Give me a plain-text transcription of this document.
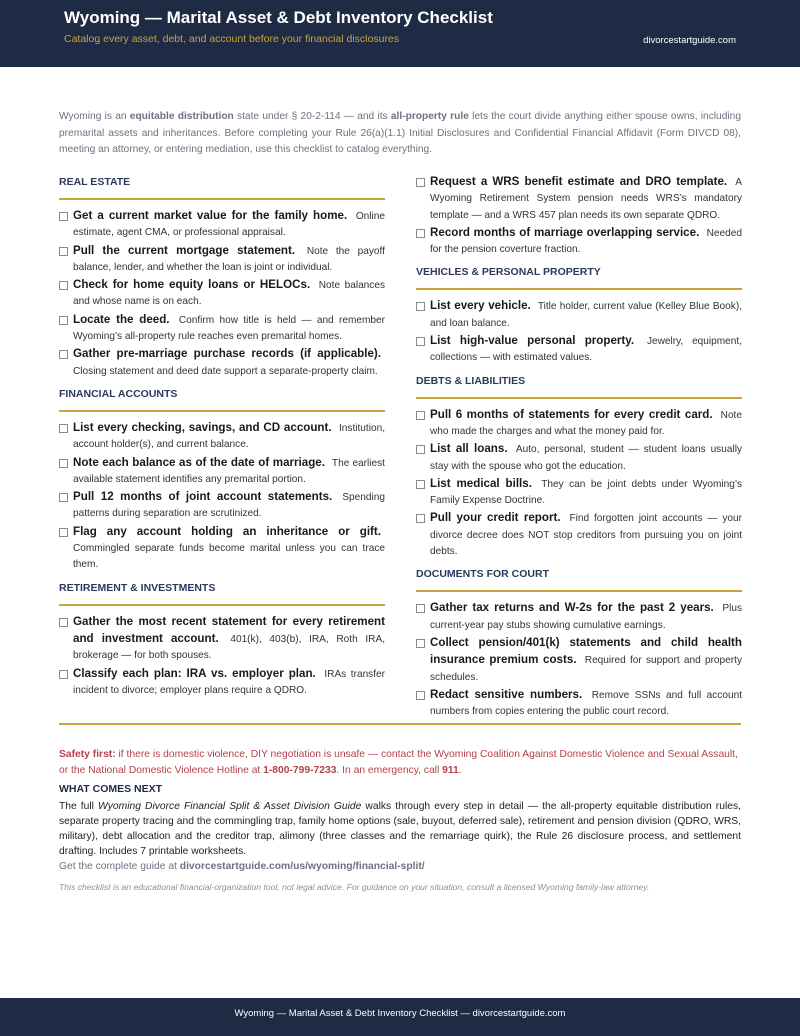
Wyoming — Marital Asset & Debt Inventory Checklist
Catalog every asset, debt, and account before your financial disclosures	divorcestartguide.com
Wyoming is an equitable distribution state under § 20-2-114 — and its all-property rule lets the court divide anything either spouse owns, including premarital assets and inheritances. Before completing your Rule 26(a)(1.1) Initial Disclosures and Confidential Financial Affidavit (Form DIVCD 08), meeting an attorney, or entering mediation, use this checklist to catalog everything.
REAL ESTATE
Get a current market value for the family home. Online estimate, agent CMA, or professional appraisal.
Pull the current mortgage statement. Note the payoff balance, lender, and whether the loan is joint or individual.
Check for home equity loans or HELOCs. Note balances and whose name is on each.
Locate the deed. Confirm how title is held — and remember Wyoming’s all-property rule reaches even premarital homes.
Gather pre-marriage purchase records (if applicable). Closing statement and deed date support a separate-property claim.
FINANCIAL ACCOUNTS
List every checking, savings, and CD account. Institution, account holder(s), and current balance.
Note each balance as of the date of marriage. The earliest available statement identifies any premarital portion.
Pull 12 months of joint account statements. Spending patterns during separation are scrutinized.
Flag any account holding an inheritance or gift. Commingled separate funds become marital unless you can trace them.
RETIREMENT & INVESTMENTS
Gather the most recent statement for every retirement and investment account. 401(k), 403(b), IRA, Roth IRA, brokerage — for both spouses.
Classify each plan: IRA vs. employer plan. IRAs transfer incident to divorce; employer plans require a QDRO.
Request a WRS benefit estimate and DRO template. A Wyoming Retirement System pension needs WRS’s mandatory template — and a WRS 457 plan needs its own separate QDRO.
Record months of marriage overlapping service. Needed for the pension coverture fraction.
VEHICLES & PERSONAL PROPERTY
List every vehicle. Title holder, current value (Kelley Blue Book), and loan balance.
List high-value personal property. Jewelry, equipment, collections — with estimated values.
DEBTS & LIABILITIES
Pull 6 months of statements for every credit card. Note who made the charges and what the money paid for.
List all loans. Auto, personal, student — student loans usually stay with the spouse who got the education.
List medical bills. They can be joint debts under Wyoming’s Family Expense Doctrine.
Pull your credit report. Find forgotten joint accounts — your divorce decree does NOT stop creditors from pursuing you on joint debts.
DOCUMENTS FOR COURT
Gather tax returns and W-2s for the past 2 years. Plus current-year pay stubs showing cumulative earnings.
Collect pension/401(k) statements and child health insurance premium costs. Required for support and property schedules.
Redact sensitive numbers. Remove SSNs and full account numbers from copies entering the public court record.
Safety first: if there is domestic violence, DIY negotiation is unsafe — contact the Wyoming Coalition Against Domestic Violence and Sexual Assault, or the National Domestic Violence Hotline at 1-800-799-7233. In an emergency, call 911.
WHAT COMES NEXT
The full Wyoming Divorce Financial Split & Asset Division Guide walks through every step in detail — the all-property equitable distribution rules, separate property tracing and the commingling trap, family home options (sale, buyout, deferred sale), retirement and pension division (QDRO, WRS, military), debt allocation and the creditor trap, alimony (three classes and the remarriage quirk), the Rule 26 disclosure process, and settlement drafting. Includes 7 printable worksheets.
Get the complete guide at divorcestartguide.com/us/wyoming/financial-split/
This checklist is an educational financial-organization tool, not legal advice. For guidance on your situation, consult a licensed Wyoming family-law attorney.
Wyoming — Marital Asset & Debt Inventory Checklist — divorcestartguide.com
